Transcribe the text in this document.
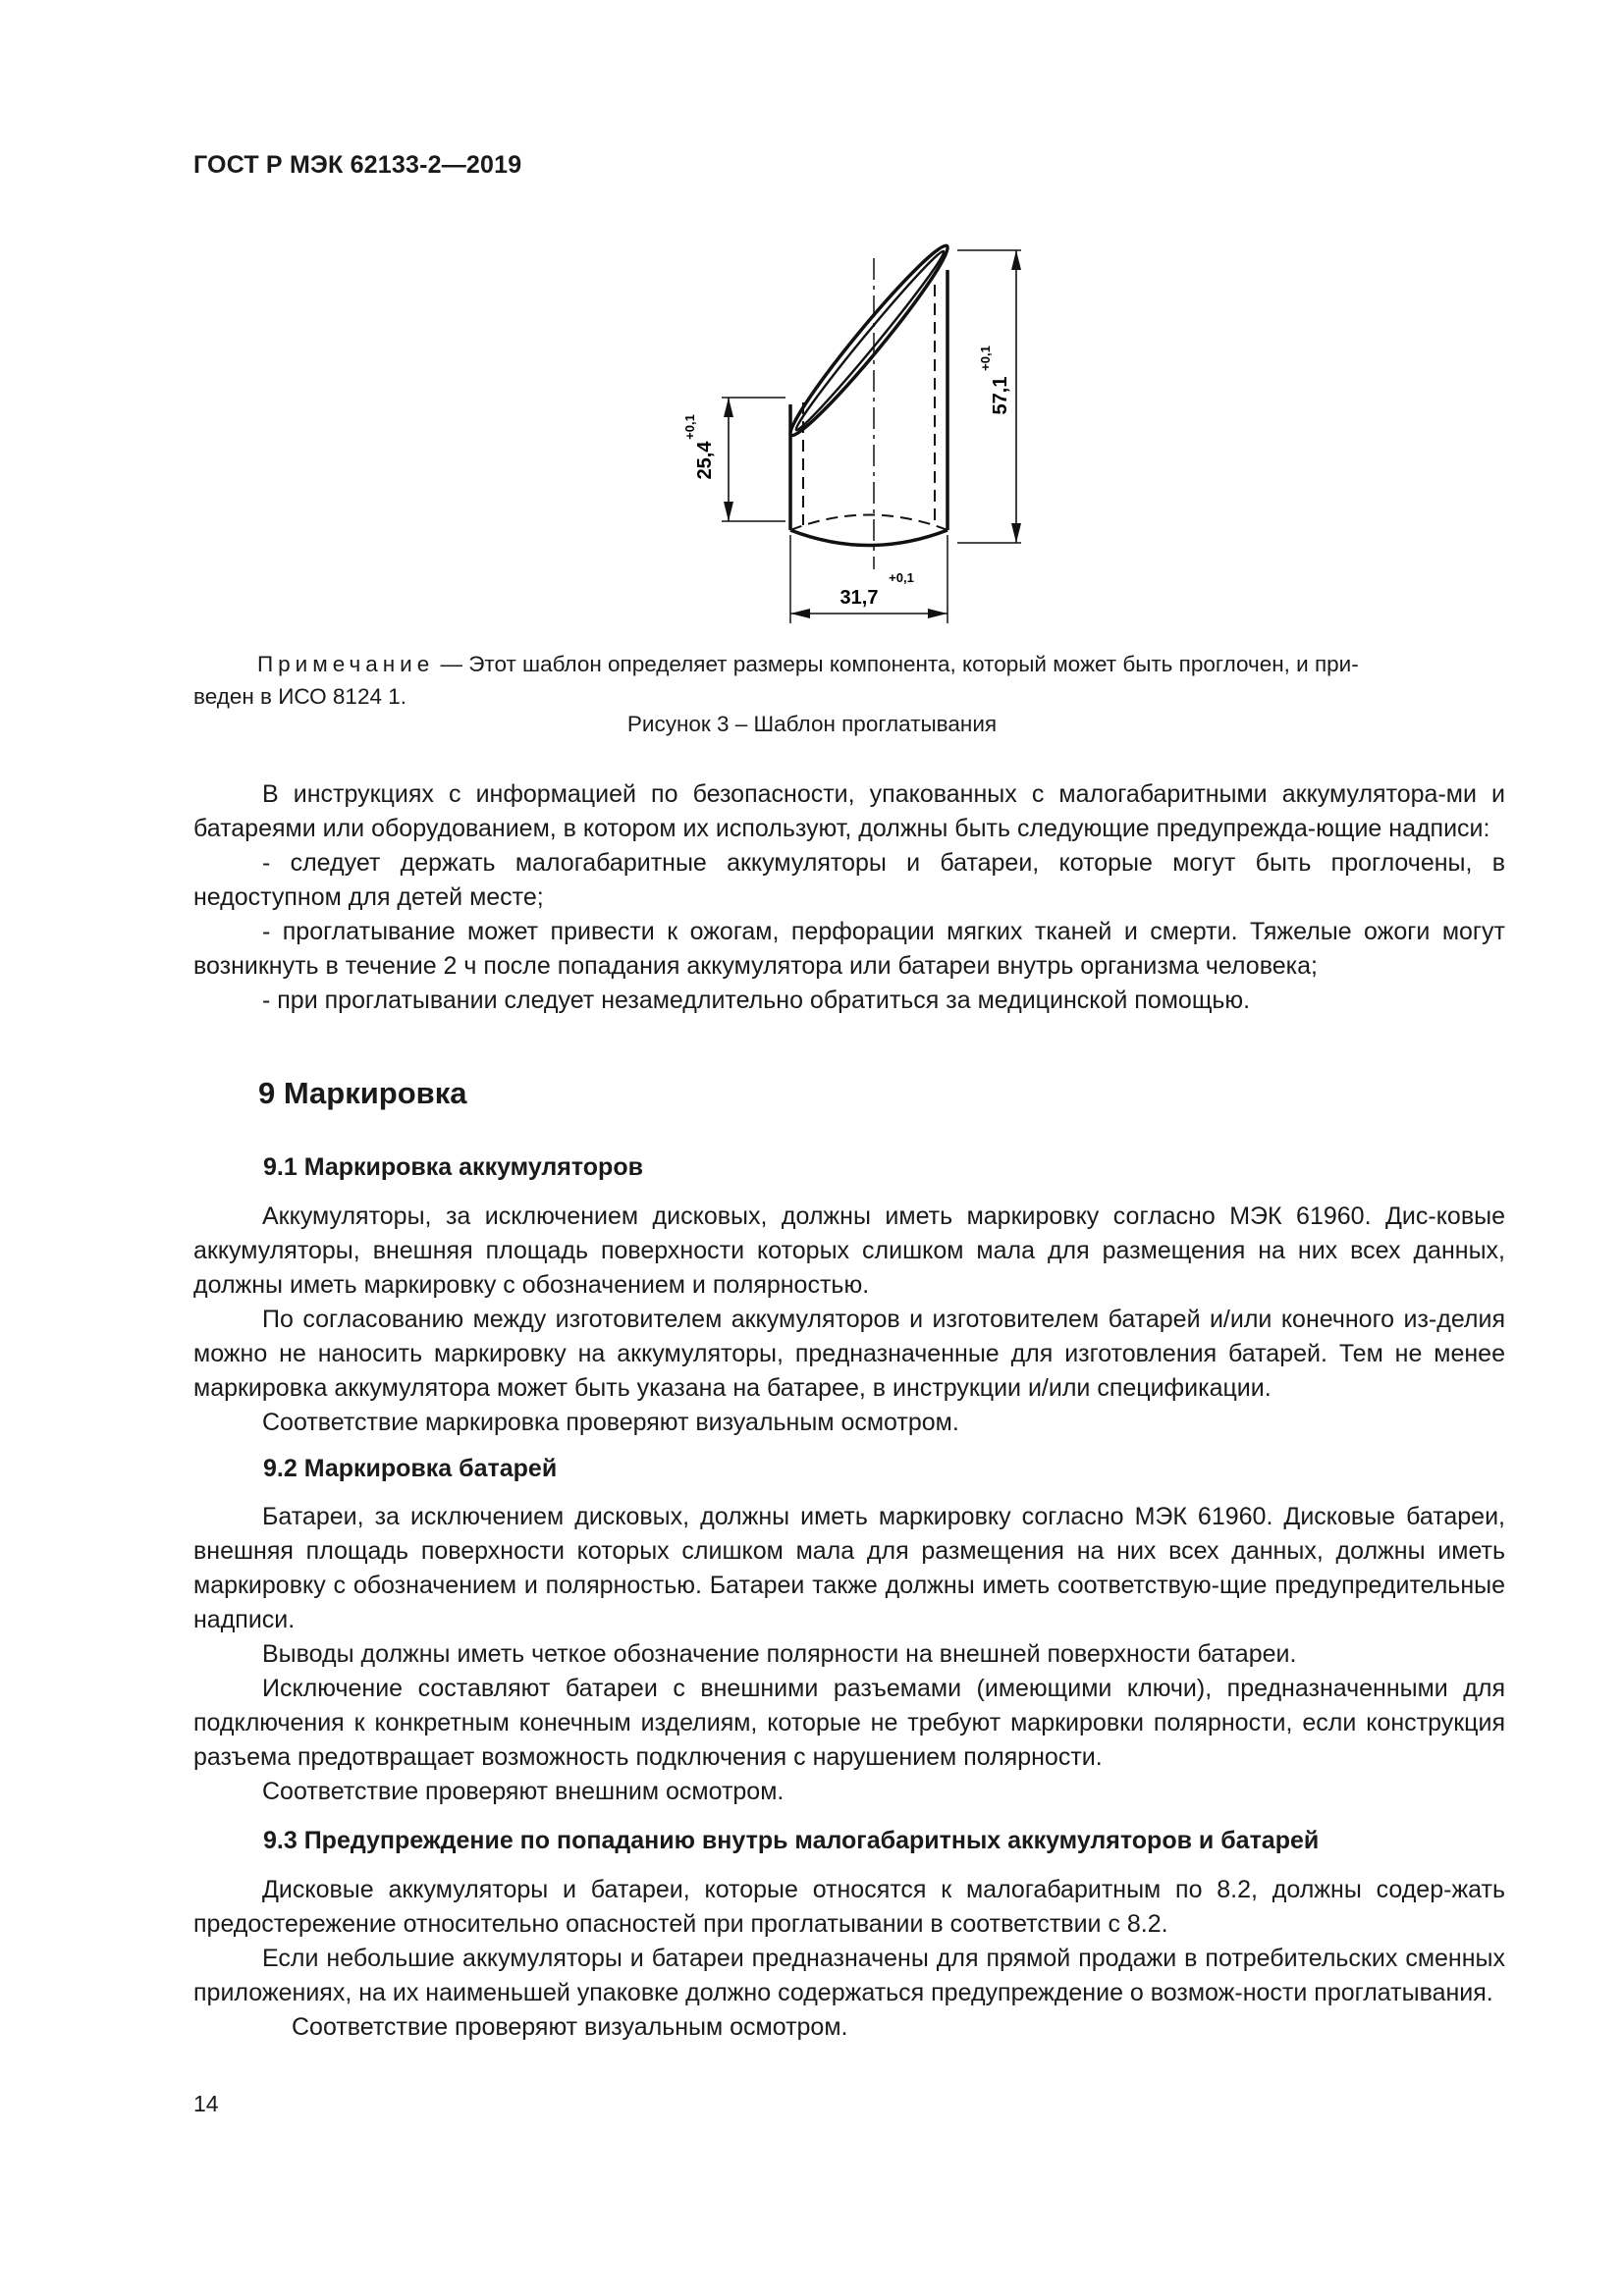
ГОСТ Р МЭК 62133-2—2019
57,1
+0,1
25,4
+0,1
31,7
+0,1
Примечание — Этот шаблон определяет размеры компонента, который может быть проглочен, и при-
веден в ИСО 8124 1.
Рисунок 3 – Шаблон проглатывания

В инструкциях с информацией по безопасности, упакованных с малогабаритными аккумулятора-ми и батареями или оборудованием, в котором их используют, должны быть следующие предупрежда-ющие надписи:

- следует держать малогабаритные аккумуляторы и батареи, которые могут быть проглочены, в недоступном для детей месте;

- проглатывание может привести к ожогам, перфорации мягких тканей и смерти. Тяжелые ожоги могут возникнуть в течение 2 ч после попадания аккумулятора или батареи внутрь организма человека;

- при проглатывании следует незамедлительно обратиться за медицинской помощью.

9 Маркировка
9.1 Маркировка аккумуляторов

Аккумуляторы, за исключением дисковых, должны иметь маркировку согласно МЭК 61960. Дис-ковые аккумуляторы, внешняя площадь поверхности которых слишком мала для размещения на них всех данных, должны иметь маркировку с обозначением и полярностью.

По согласованию между изготовителем аккумуляторов и изготовителем батарей и/или конечного из-делия можно не наносить маркировку на аккумуляторы, предназначенные для изготовления батарей. Тем не менее маркировка аккумулятора может быть указана на батарее, в инструкции и/или спецификации.

Соответствие маркировка проверяют визуальным осмотром.

9.2 Маркировка батарей

Батареи, за исключением дисковых, должны иметь маркировку согласно МЭК 61960. Дисковые батареи, внешняя площадь поверхности которых слишком мала для размещения на них всех данных, должны иметь маркировку с обозначением и полярностью. Батареи также должны иметь соответствую-щие предупредительные надписи.

Выводы должны иметь четкое обозначение полярности на внешней поверхности батареи.

Исключение составляют батареи с внешними разъемами (имеющими ключи), предназначенными для подключения к конкретным конечным изделиям, которые не требуют маркировки полярности, если конструкция разъема предотвращает возможность подключения с нарушением полярности.

Соответствие проверяют внешним осмотром.

9.3 Предупреждение по попаданию внутрь малогабаритных аккумуляторов и батарей

Дисковые аккумуляторы и батареи, которые относятся к малогабаритным по 8.2, должны содер-жать предостережение относительно опасностей при проглатывании в соответствии с 8.2.

Если небольшие аккумуляторы и батареи предназначены для прямой продажи в потребительских сменных приложениях, на их наименьшей упаковке должно содержаться предупреждение о возмож-ности проглатывания.

Соответствие проверяют визуальным осмотром.

14
